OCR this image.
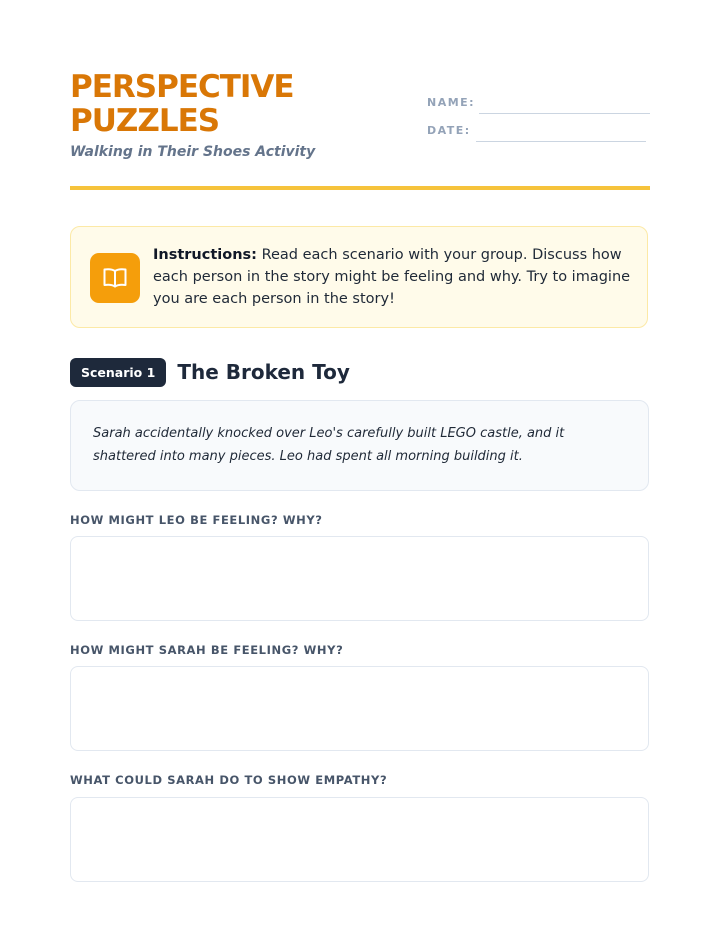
PERSPECTIVE
PUZZLES
Walking in Their Shoes Activity
NAME:
DATE:
Instructions: Read each scenario with your group. Discuss how each person in the story might be feeling and why. Try to imagine you are each person in the story!
Scenario 1	The Broken Toy
Sarah accidentally knocked over Leo's carefully built LEGO castle, and it shattered into many pieces. Leo had spent all morning building it.
HOW MIGHT LEO BE FEELING? WHY?
HOW MIGHT SARAH BE FEELING? WHY?
WHAT COULD SARAH DO TO SHOW EMPATHY?
